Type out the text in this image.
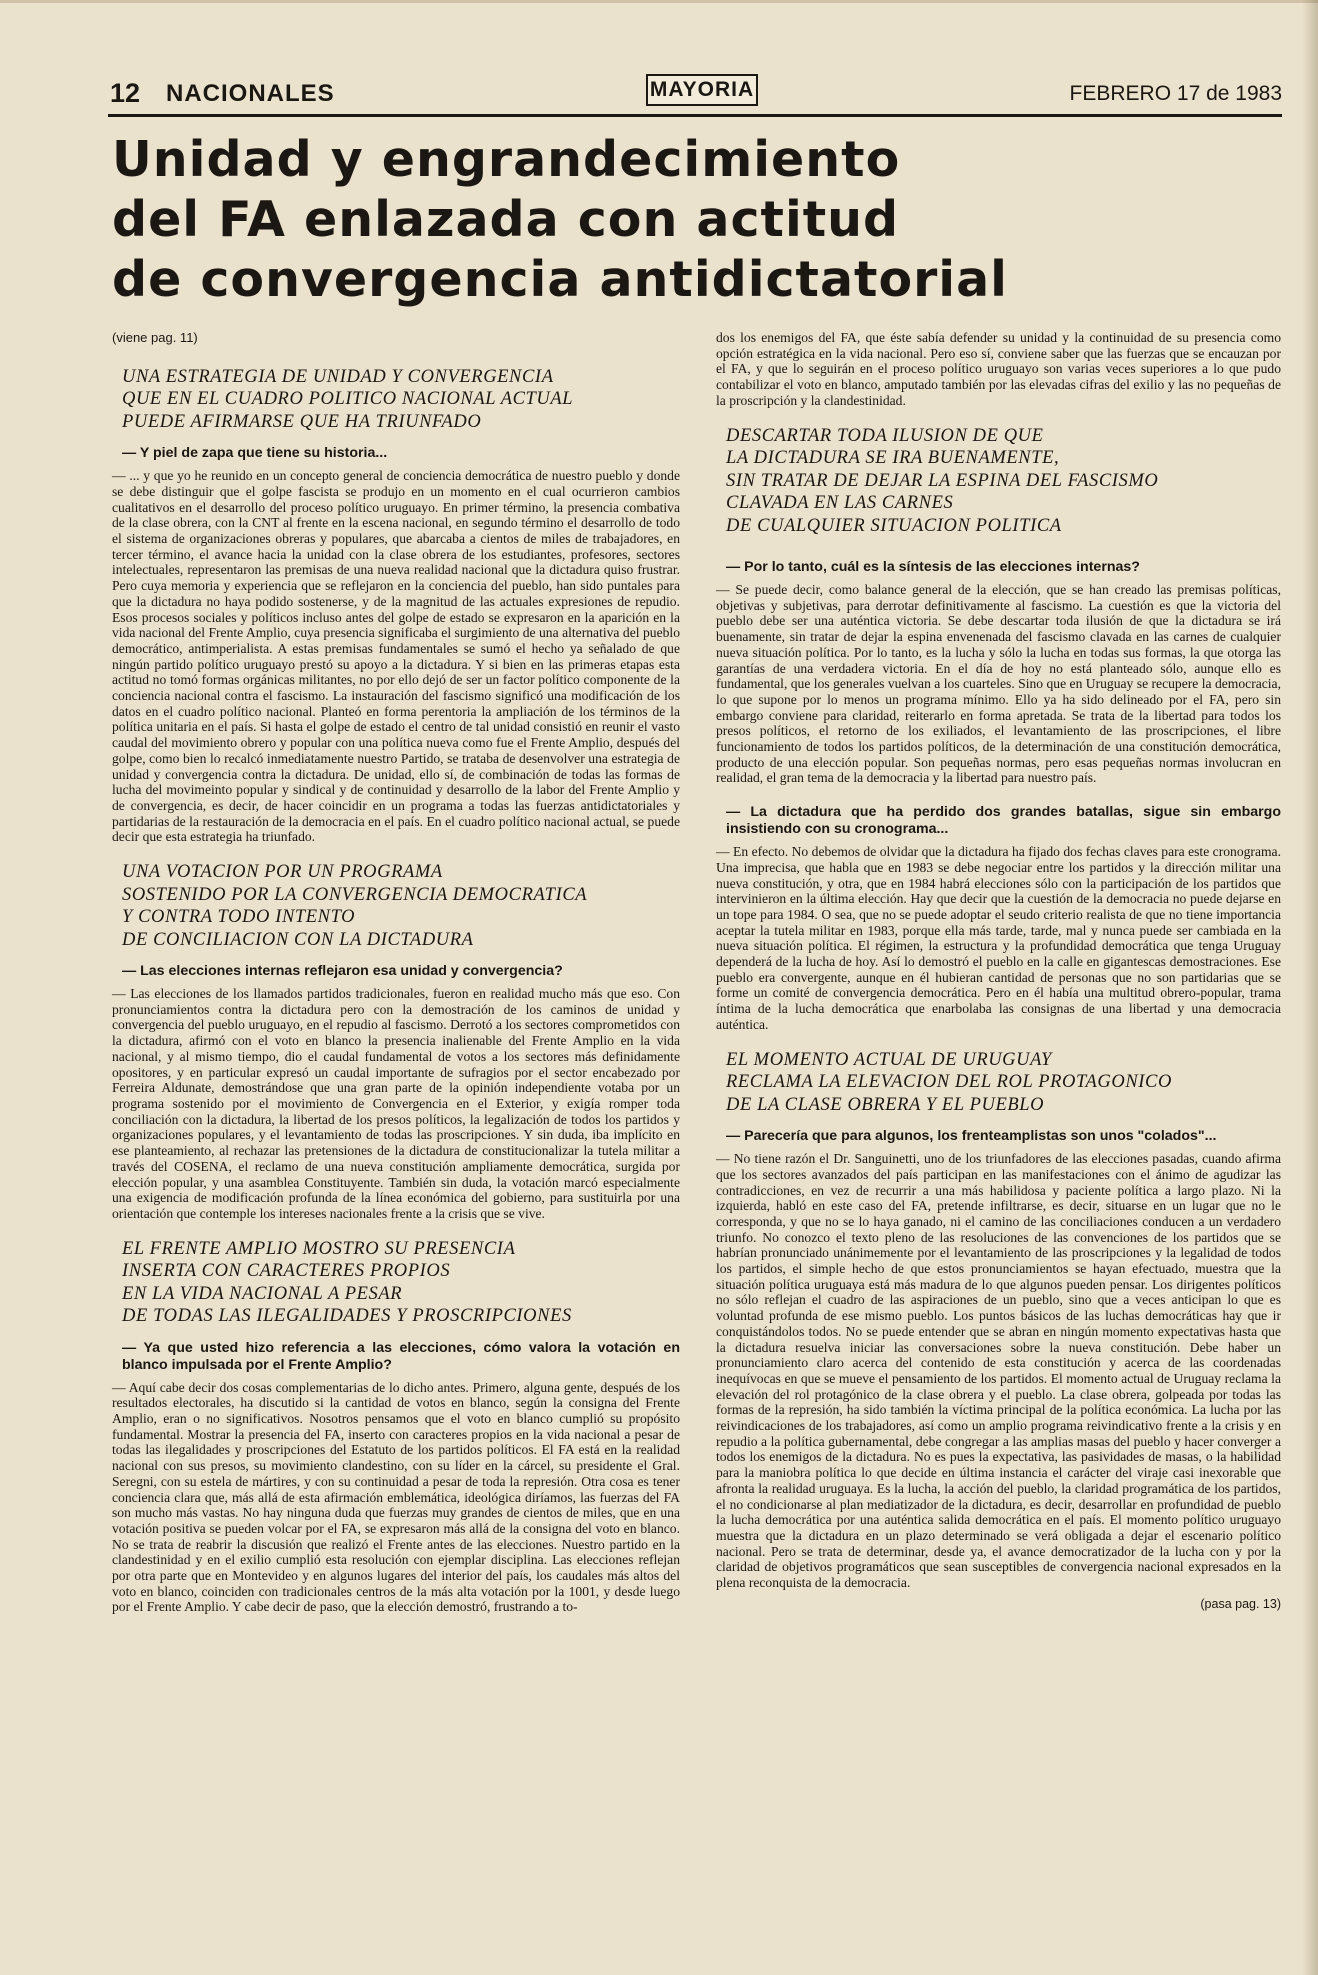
12 NACIONALES	MAYORIA	FEBRERO 17 de 1983
Unidad y engrandecimiento
del FA enlazada con actitud
de convergencia antidictatorial
(viene pag. 11)
UNA ESTRATEGIA DE UNIDAD Y CONVERGENCIA
QUE EN EL CUADRO POLITICO NACIONAL ACTUAL
PUEDE AFIRMARSE QUE HA TRIUNFADO
— Y piel de zapa que tiene su historia...

— ... y que yo he reunido en un concepto general de conciencia democrática de nuestro pueblo y donde se debe distinguir que el golpe fascista se produjo en un momento en el cual ocurrieron cambios cualitativos en el desarrollo del proceso político uruguayo. En primer término, la presencia combativa de la clase obrera, con la CNT al frente en la escena nacional, en segundo término el desarrollo de todo el sistema de organizaciones obreras y populares, que abarcaba a cientos de miles de trabajadores, en tercer término, el avance hacia la unidad con la clase obrera de los estudiantes, profesores, sectores intelectuales, representaron las premisas de una nueva realidad nacional que la dictadura quiso frustrar. Pero cuya memoria y experiencia que se reflejaron en la conciencia del pueblo, han sido puntales para que la dictadura no haya podido sostenerse, y de la magnitud de las actuales expresiones de repudio. Esos procesos sociales y políticos incluso antes del golpe de estado se expresaron en la aparición en la vida nacional del Frente Amplio, cuya presencia significaba el surgimiento de una alternativa del pueblo democrático, antimperialista. A estas premisas fundamentales se sumó el hecho ya señalado de que ningún partido político uruguayo prestó su apoyo a la dictadura. Y si bien en las primeras etapas esta actitud no tomó formas orgánicas militantes, no por ello dejó de ser un factor político componente de la conciencia nacional contra el fascismo. La instauración del fascismo significó una modificación de los datos en el cuadro político nacional. Planteó en forma perentoria la ampliación de los términos de la política unitaria en el país. Si hasta el golpe de estado el centro de tal unidad consistió en reunir el vasto caudal del movimiento obrero y popular con una política nueva como fue el Frente Amplio, después del golpe, como bien lo recalcó inmediatamente nuestro Partido, se trataba de desenvolver una estrategia de unidad y convergencia contra la dictadura. De unidad, ello sí, de combinación de todas las formas de lucha del movimeinto popular y sindical y de continuidad y desarrollo de la labor del Frente Amplio y de convergencia, es decir, de hacer coincidir en un programa a todas las fuerzas antidictatoriales y partidarias de la restauración de la democracia en el país. En el cuadro político nacional actual, se puede decir que esta estrategia ha triunfado.

UNA VOTACION POR UN PROGRAMA
SOSTENIDO POR LA CONVERGENCIA DEMOCRATICA
Y CONTRA TODO INTENTO
DE CONCILIACION CON LA DICTADURA
— Las elecciones internas reflejaron esa unidad y convergencia?

— Las elecciones de los llamados partidos tradicionales, fueron en realidad mucho más que eso. Con pronunciamientos contra la dictadura pero con la demostración de los caminos de unidad y convergencia del pueblo uruguayo, en el repudio al fascismo. Derrotó a los sectores comprometidos con la dictadura, afirmó con el voto en blanco la presencia inalienable del Frente Amplio en la vida nacional, y al mismo tiempo, dio el caudal fundamental de votos a los sectores más definidamente opositores, y en particular expresó un caudal importante de sufragios por el sector encabezado por Ferreira Aldunate, demostrándose que una gran parte de la opinión independiente votaba por un programa sostenido por el movimiento de Convergencia en el Exterior, y exigía romper toda conciliación con la dictadura, la libertad de los presos políticos, la legalización de todos los partidos y organizaciones populares, y el levantamiento de todas las proscripciones. Y sin duda, iba implícito en ese planteamiento, al rechazar las pretensiones de la dictadura de constitucionalizar la tutela militar a través del COSENA, el reclamo de una nueva constitución ampliamente democrática, surgida por elección popular, y una asamblea Constituyente. También sin duda, la votación marcó especialmente una exigencia de modificación profunda de la línea económica del gobierno, para sustituirla por una orientación que contemple los intereses nacionales frente a la crisis que se vive.

EL FRENTE AMPLIO MOSTRO SU PRESENCIA
INSERTA CON CARACTERES PROPIOS
EN LA VIDA NACIONAL A PESAR
DE TODAS LAS ILEGALIDADES Y PROSCRIPCIONES
— Ya que usted hizo referencia a las elecciones, cómo valora la votación en blanco impulsada por el Frente Amplio?

— Aquí cabe decir dos cosas complementarias de lo dicho antes. Primero, alguna gente, después de los resultados electorales, ha discutido si la cantidad de votos en blanco, según la consigna del Frente Amplio, eran o no significativos. Nosotros pensamos que el voto en blanco cumplió su propósito fundamental. Mostrar la presencia del FA, inserto con caracteres propios en la vida nacional a pesar de todas las ilegalidades y proscripciones del Estatuto de los partidos políticos. El FA está en la realidad nacional con sus presos, su movimiento clandestino, con su líder en la cárcel, su presidente el Gral. Seregni, con su estela de mártires, y con su continuidad a pesar de toda la represión. Otra cosa es tener conciencia clara que, más allá de esta afirmación emblemática, ideológica diríamos, las fuerzas del FA son mucho más vastas. No hay ninguna duda que fuerzas muy grandes de cientos de miles, que en una votación positiva se pueden volcar por el FA, se expresaron más allá de la consigna del voto en blanco. No se trata de reabrir la discusión que realizó el Frente antes de las elecciones. Nuestro partido en la clandestinidad y en el exilio cumplió esta resolución con ejemplar disciplina. Las elecciones reflejan por otra parte que en Montevideo y en algunos lugares del interior del país, los caudales más altos del voto en blanco, coinciden con tradicionales centros de la más alta votación por la 1001, y desde luego por el Frente Amplio. Y cabe decir de paso, que la elección demostró, frustrando a to-

dos los enemigos del FA, que éste sabía defender su unidad y la continuidad de su presencia como opción estratégica en la vida nacional. Pero eso sí, conviene saber que las fuerzas que se encauzan por el FA, y que lo seguirán en el proceso político uruguayo son varias veces superiores a lo que pudo contabilizar el voto en blanco, amputado también por las elevadas cifras del exilio y las no pequeñas de la proscripción y la clandestinidad.

DESCARTAR TODA ILUSION DE QUE
LA DICTADURA SE IRA BUENAMENTE,
SIN TRATAR DE DEJAR LA ESPINA DEL FASCISMO
CLAVADA EN LAS CARNES
DE CUALQUIER SITUACION POLITICA
— Por lo tanto, cuál es la síntesis de las elecciones internas?

— Se puede decir, como balance general de la elección, que se han creado las premisas políticas, objetivas y subjetivas, para derrotar definitivamente al fascismo. La cuestión es que la victoria del pueblo debe ser una auténtica victoria. Se debe descartar toda ilusión de que la dictadura se irá buenamente, sin tratar de dejar la espina envenenada del fascismo clavada en las carnes de cualquier nueva situación política. Por lo tanto, es la lucha y sólo la lucha en todas sus formas, la que otorga las garantías de una verdadera victoria. En el día de hoy no está planteado sólo, aunque ello es fundamental, que los generales vuelvan a los cuarteles. Sino que en Uruguay se recupere la democracia, lo que supone por lo menos un programa mínimo. Ello ya ha sido delineado por el FA, pero sin embargo conviene para claridad, reiterarlo en forma apretada. Se trata de la libertad para todos los presos políticos, el retorno de los exiliados, el levantamiento de las proscripciones, el libre funcionamiento de todos los partidos políticos, de la determinación de una constitución democrática, producto de una elección popular. Son pequeñas normas, pero esas pequeñas normas involucran en realidad, el gran tema de la democracia y la libertad para nuestro país.

— La dictadura que ha perdido dos grandes batallas, sigue sin embargo insistiendo con su cronograma...

— En efecto. No debemos de olvidar que la dictadura ha fijado dos fechas claves para este cronograma. Una imprecisa, que habla que en 1983 se debe negociar entre los partidos y la dirección militar una nueva constitución, y otra, que en 1984 habrá elecciones sólo con la participación de los partidos que intervinieron en la última elección. Hay que decir que la cuestión de la democracia no puede dejarse en un tope para 1984. O sea, que no se puede adoptar el seudo criterio realista de que no tiene importancia aceptar la tutela militar en 1983, porque ella más tarde, tarde, mal y nunca puede ser cambiada en la nueva situación política. El régimen, la estructura y la profundidad democrática que tenga Uruguay dependerá de la lucha de hoy. Así lo demostró el pueblo en la calle en gigantescas demostraciones. Ese pueblo era convergente, aunque en él hubieran cantidad de personas que no son partidarias que se forme un comité de convergencia democrática. Pero en él había una multitud obrero-popular, trama íntima de la lucha democrática que enarbolaba las consignas de una libertad y una democracia auténtica.

EL MOMENTO ACTUAL DE URUGUAY
RECLAMA LA ELEVACION DEL ROL PROTAGONICO
DE LA CLASE OBRERA Y EL PUEBLO
— Parecería que para algunos, los frenteamplistas son unos "colados"...

— No tiene razón el Dr. Sanguinetti, uno de los triunfadores de las elecciones pasadas, cuando afirma que los sectores avanzados del país participan en las manifestaciones con el ánimo de agudizar las contradicciones, en vez de recurrir a una más habilidosa y paciente política a largo plazo. Ni la izquierda, habló en este caso del FA, pretende infiltrarse, es decir, situarse en un lugar que no le corresponda, y que no se lo haya ganado, ni el camino de las conciliaciones conducen a un verdadero triunfo. No conozco el texto pleno de las resoluciones de las convenciones de los partidos que se habrían pronunciado unánimemente por el levantamiento de las proscripciones y la legalidad de todos los partidos, el simple hecho de que estos pronunciamientos se hayan efectuado, muestra que la situación política uruguaya está más madura de lo que algunos pueden pensar. Los dirigentes políticos no sólo reflejan el cuadro de las aspiraciones de un pueblo, sino que a veces anticipan lo que es voluntad profunda de ese mismo pueblo. Los puntos básicos de las luchas democráticas hay que ir conquistándolos todos. No se puede entender que se abran en ningún momento expectativas hasta que la dictadura resuelva iniciar las conversaciones sobre la nueva constitución. Debe haber un pronunciamiento claro acerca del contenido de esta constitución y acerca de las coordenadas inequívocas en que se mueve el pensamiento de los partidos. El momento actual de Uruguay reclama la elevación del rol protagónico de la clase obrera y el pueblo. La clase obrera, golpeada por todas las formas de la represión, ha sido también la víctima principal de la política económica. La lucha por las reivindicaciones de los trabajadores, así como un amplio programa reivindicativo frente a la crisis y en repudio a la política gubernamental, debe congregar a las amplias masas del pueblo y hacer converger a todos los enemigos de la dictadura. No es pues la expectativa, las pasividades de masas, o la habilidad para la maniobra política lo que decide en última instancia el carácter del viraje casi inexorable que afronta la realidad uruguaya. Es la lucha, la acción del pueblo, la claridad programática de los partidos, el no condicionarse al plan mediatizador de la dictadura, es decir, desarrollar en profundidad de pueblo la lucha democrática por una auténtica salida democrática en el país. El momento político uruguayo muestra que la dictadura en un plazo determinado se verá obligada a dejar el escenario político nacional. Pero se trata de determinar, desde ya, el avance democratizador de la lucha con y por la claridad de objetivos programáticos que sean susceptibles de convergencia nacional expresados en la plena reconquista de la democracia.

(pasa pag. 13)
